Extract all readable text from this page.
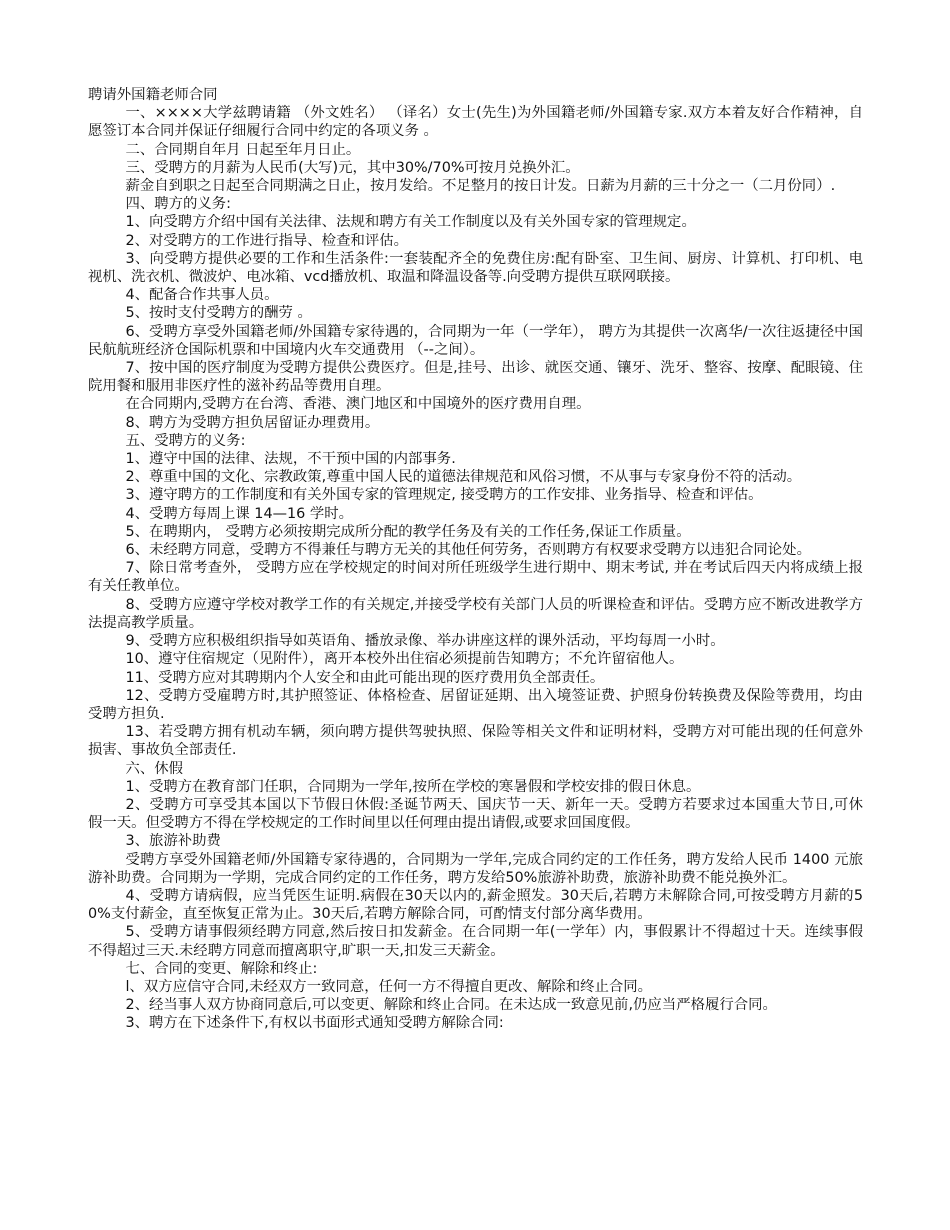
聘请外国籍老师合同

一、××××大学兹聘请籍 （外文姓名） （译名）女士(先生)为外国籍老师/外国籍专家.双方本着友好合作精神，自愿签订本合同并保证仔细履行合同中约定的各项义务 。

二、合同期自年月 日起至年月日止。

三、受聘方的月薪为人民币(大写)元，其中30%/70%可按月兑换外汇。

薪金自到职之日起至合同期满之日止，按月发给。不足整月的按日计发。日薪为月薪的三十分之一（二月份同）.

四、聘方的义务:

1、向受聘方介绍中国有关法律、法规和聘方有关工作制度以及有关外国专家的管理规定。

2、对受聘方的工作进行指导、检查和评估。

3、向受聘方提供必要的工作和生活条件:一套装配齐全的免费住房:配有卧室、卫生间、厨房、计算机、打印机、电视机、洗衣机、微波炉、电冰箱、vcd播放机、取温和降温设备等.向受聘方提供互联网联接。

4、配备合作共事人员。

5、按时支付受聘方的酬劳 。

6、受聘方享受外国籍老师/外国籍专家待遇的，合同期为一年（一学年）， 聘方为其提供一次离华/一次往返捷径中国民航航班经济仓国际机票和中国境内火车交通费用 （--之间）。

7、按中国的医疗制度为受聘方提供公费医疗。但是,挂号、出诊、就医交通、镶牙、洗牙、整容、按摩、配眼镜、住院用餐和服用非医疗性的滋补药品等费用自理。

在合同期内,受聘方在台湾、香港、澳门地区和中国境外的医疗费用自理。

8、聘方为受聘方担负居留证办理费用。

五、受聘方的义务:

1、遵守中国的法律、法规，不干预中国的内部事务.

2、尊重中国的文化、宗教政策,尊重中国人民的道德法律规范和风俗习惯，不从事与专家身份不符的活动。

3、遵守聘方的工作制度和有关外国专家的管理规定, 接受聘方的工作安排、业务指导、检查和评估。

4、受聘方每周上课 14—16 学时。

5、在聘期内， 受聘方必须按期完成所分配的教学任务及有关的工作任务,保证工作质量。

6、未经聘方同意，受聘方不得兼任与聘方无关的其他任何劳务，否则聘方有权要求受聘方以违犯合同论处。

7、除日常考查外， 受聘方应在学校规定的时间对所任班级学生进行期中、期末考试, 并在考试后四天内将成绩上报有关任教单位。

8、受聘方应遵守学校对教学工作的有关规定,并接受学校有关部门人员的听课检查和评估。受聘方应不断改进教学方法提高教学质量。

9、受聘方应积极组织指导如英语角、播放录像、举办讲座这样的课外活动，平均每周一小时。

10、遵守住宿规定（见附件），离开本校外出住宿必须提前告知聘方；不允许留宿他人。

11、受聘方应对其聘期内个人安全和由此可能出现的医疗费用负全部责任。

12、受聘方受雇聘方时,其护照签证、体格检查、居留证延期、出入境签证费、护照身份转换费及保险等费用，均由受聘方担负.

13、若受聘方拥有机动车辆，须向聘方提供驾驶执照、保险等相关文件和证明材料，受聘方对可能出现的任何意外损害、事故负全部责任.

六、休假

1、受聘方在教育部门任职，合同期为一学年,按所在学校的寒暑假和学校安排的假日休息。

2、受聘方可享受其本国以下节假日休假:圣诞节两天、国庆节一天、新年一天。受聘方若要求过本国重大节日,可休假一天。但受聘方不得在学校规定的工作时间里以任何理由提出请假,或要求回国度假。

3、旅游补助费

受聘方享受外国籍老师/外国籍专家待遇的，合同期为一学年,完成合同约定的工作任务，聘方发给人民币 1400 元旅游补助费。合同期为一学期，完成合同约定的工作任务，聘方发给50%旅游补助费，旅游补助费不能兑换外汇。

4、受聘方请病假，应当凭医生证明.病假在30天以内的,薪金照发。30天后,若聘方未解除合同,可按受聘方月薪的50%支付薪金，直至恢复正常为止。30天后,若聘方解除合同，可酌情支付部分离华费用。

5、受聘方请事假须经聘方同意,然后按日扣发薪金。在合同期一年(一学年）内，事假累计不得超过十天。连续事假不得超过三天.未经聘方同意而擅离职守,旷职一天,扣发三天薪金。

七、合同的变更、解除和终止:

l、双方应信守合同,未经双方一致同意，任何一方不得擅自更改、解除和终止合同。

2、经当事人双方协商同意后,可以变更、解除和终止合同。在未达成一致意见前,仍应当严格履行合同。

3、聘方在下述条件下,有权以书面形式通知受聘方解除合同:
